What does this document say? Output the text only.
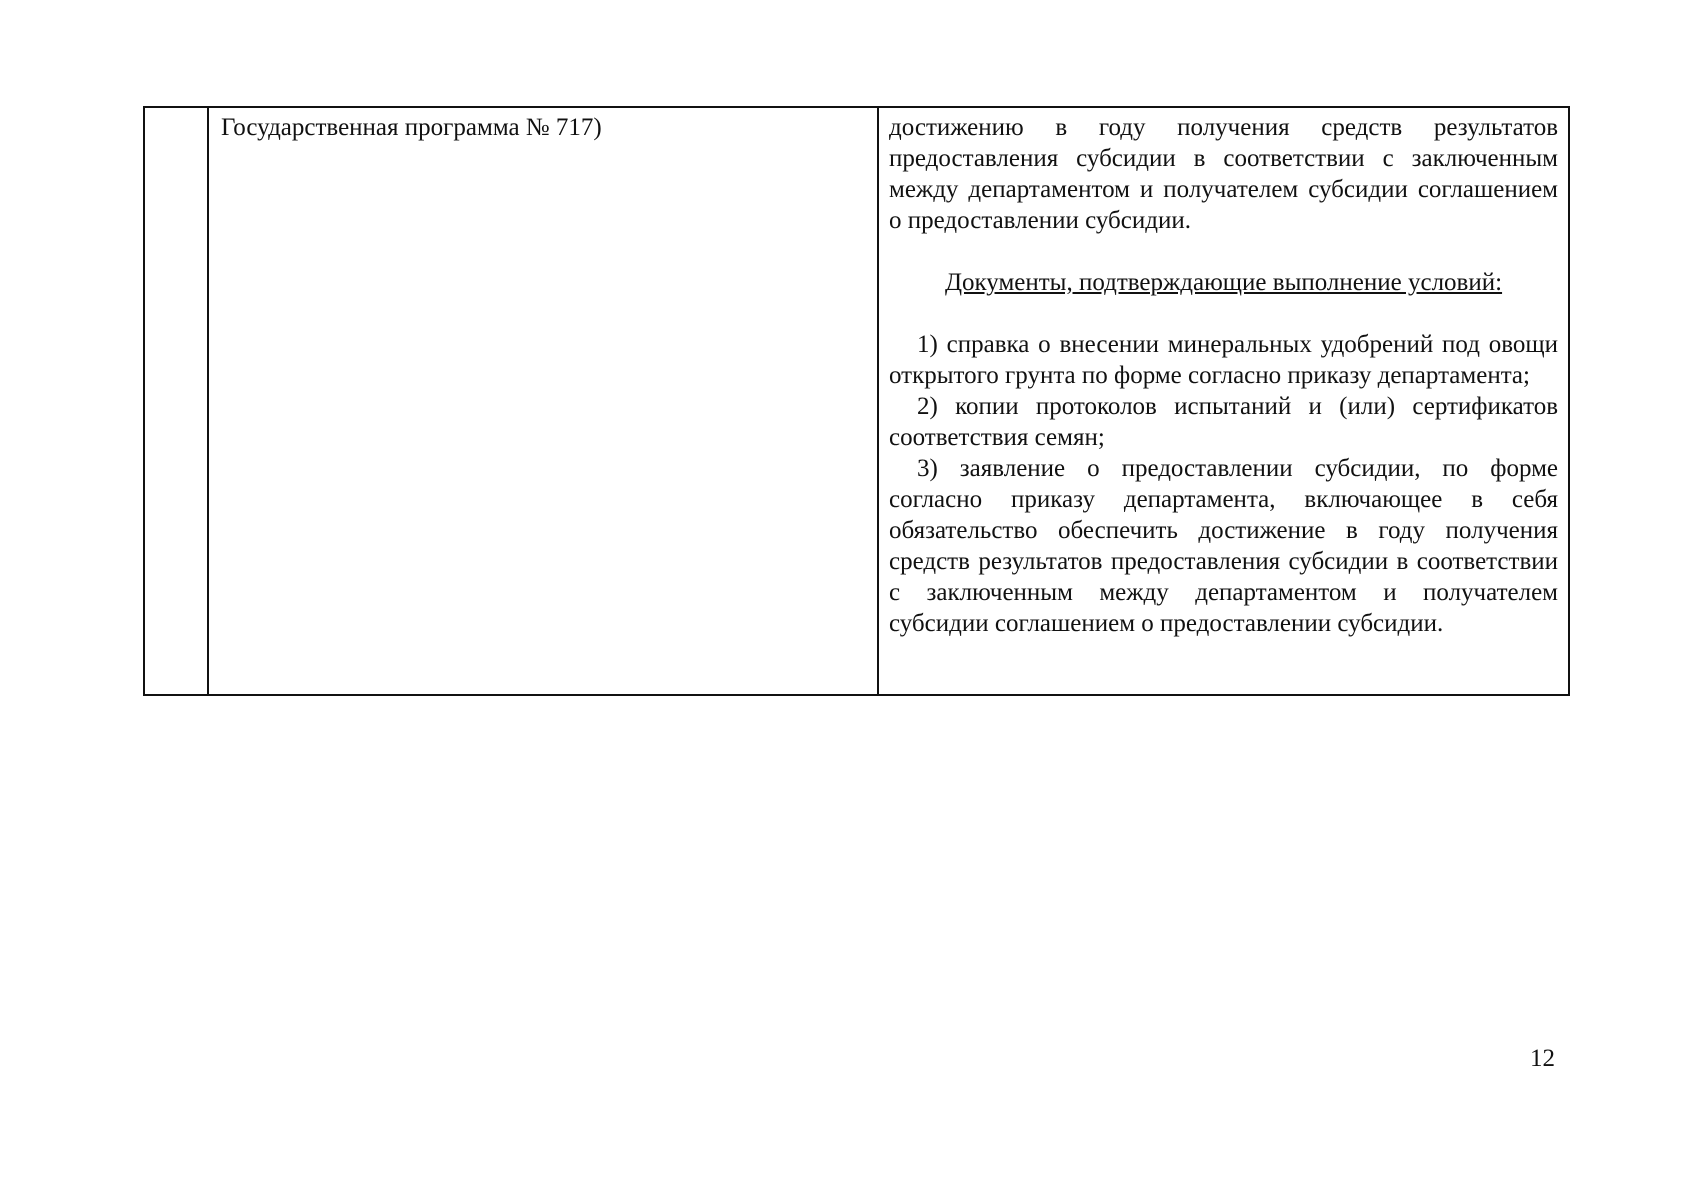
Государственная программа № 717)	достижению в году получения средств результатов предоставления субсидии в соответствии с заключенным между департаментом и получателем субсидии соглашением о предоставлении субсидии.

Документы, подтверждающие выполнение условий:

1) справка о внесении минеральных удобрений под овощи открытого грунта по форме согласно приказу департамента;

2) копии протоколов испытаний и (или) сертификатов соответствия семян;

3) заявление о предоставлении субсидии, по форме согласно приказу департамента, включающее в себя обязательство обеспечить достижение в году получения средств результатов предоставления субсидии в соответствии с заключенным между департаментом и получателем субсидии соглашением о предоставлении субсидии.

12
